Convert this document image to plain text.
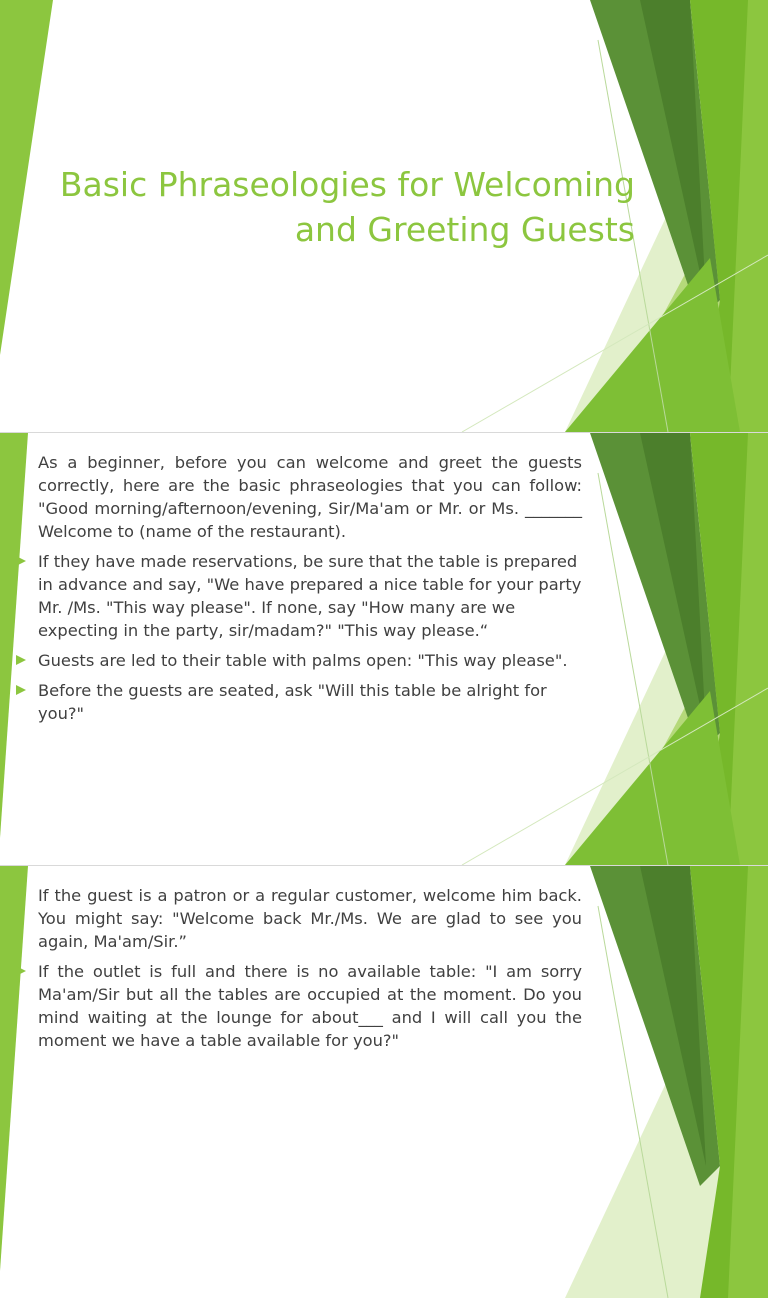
Basic Phraseologies for Welcoming
and Greeting Guests
As a beginner, before you can welcome and greet the guests correctly, here are the basic phraseologies that you can follow: "Good morning/afternoon/evening, Sir/Ma'am or Mr. or Ms. _______ Welcome to (name of the restaurant).
If they have made reservations, be sure that the table is prepared in advance and say, "We have prepared a nice table for your party Mr. /Ms. "This way please". If none, say "How many are we expecting in the party, sir/madam?" "This way please.“
Guests are led to their table with palms open: "This way please".
Before the guests are seated, ask "Will this table be alright for you?"
If the guest is a patron or a regular customer, welcome him back. You might say: "Welcome back Mr./Ms. We are glad to see you again, Ma'am/Sir.”
If the outlet is full and there is no available table: "I am sorry Ma'am/Sir but all the tables are occupied at the moment. Do you mind waiting at the lounge for about___ and I will call you the moment we have a table available for you?"
